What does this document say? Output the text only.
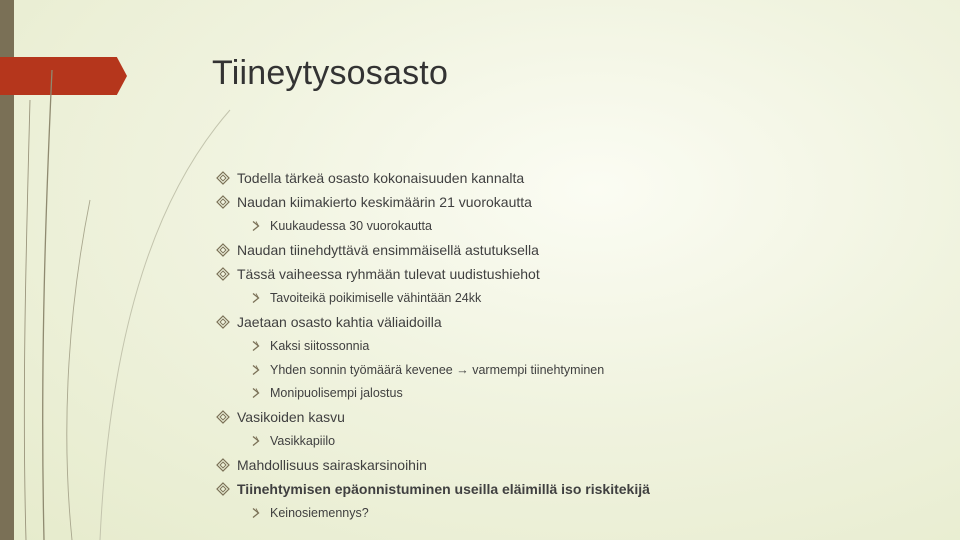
Tiineytysosasto
Todella tärkeä osasto kokonaisuuden kannalta
Naudan kiimakierto keskimäärin 21 vuorokautta
Kuukaudessa 30 vuorokautta
Naudan tiinehdyttävä ensimmäisellä astutuksella
Tässä vaiheessa ryhmään tulevat uudistushiehot
Tavoiteikä poikimiselle vähintään 24kk
Jaetaan osasto kahtia väliaidoilla
Kaksi siitossonnia
Yhden sonnin työmäärä kevenee → varmempi tiinehtyminen
Monipuolisempi jalostus
Vasikoiden kasvu
Vasikkapiilo
Mahdollisuus sairaskarsinoihin
Tiinehtymisen epäonnistuminen useilla eläimillä iso riskitekijä
Keinosiemennys?
